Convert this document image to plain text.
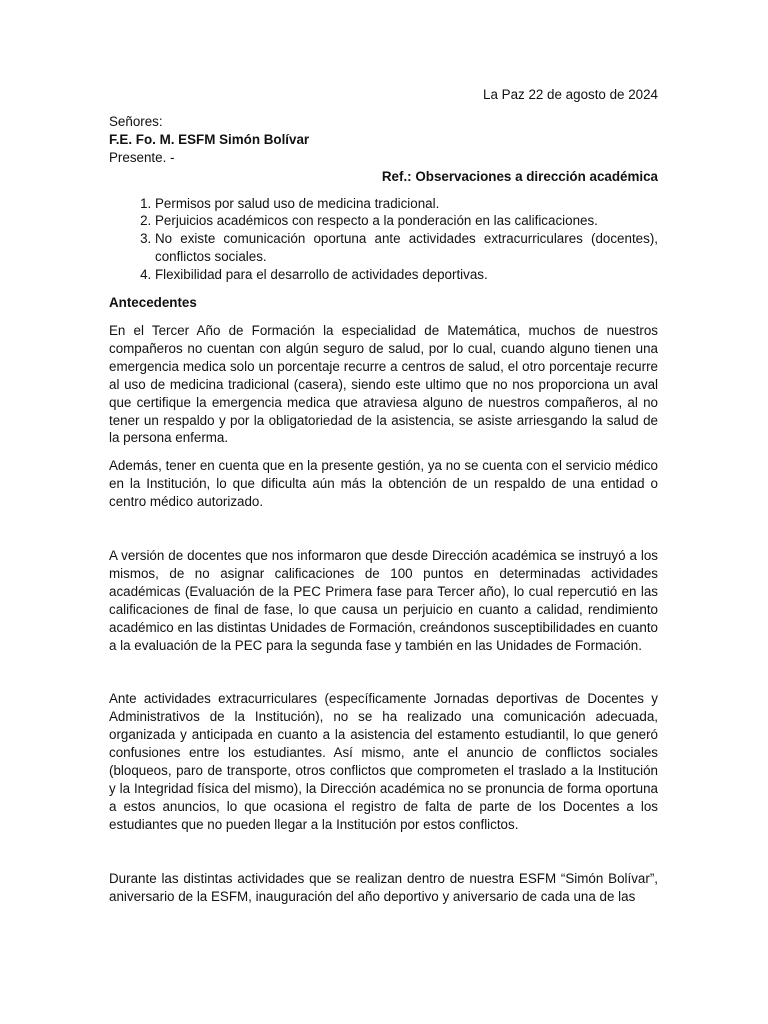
La Paz 22 de agosto de 2024

Señores:
F.E. Fo. M. ESFM Simón Bolívar
Presente. -

Ref.: Observaciones a dirección académica

1. Permisos por salud uso de medicina tradicional.
2. Perjuicios académicos con respecto a la ponderación en las calificaciones.
3. No existe comunicación oportuna ante actividades extracurriculares (docentes), conflictos sociales.
4. Flexibilidad para el desarrollo de actividades deportivas.

Antecedentes

En el Tercer Año de Formación la especialidad de Matemática, muchos de nuestros compañeros no cuentan con algún seguro de salud, por lo cual, cuando alguno tienen una emergencia medica solo un porcentaje recurre a centros de salud, el otro porcentaje recurre al uso de medicina tradicional (casera), siendo este ultimo que no nos proporciona un aval que certifique la emergencia medica que atraviesa alguno de nuestros compañeros, al no tener un respaldo y por la obligatoriedad de la asistencia, se asiste arriesgando la salud de la persona enferma.

Además, tener en cuenta que en la presente gestión, ya no se cuenta con el servicio médico en la Institución, lo que dificulta aún más la obtención de un respaldo de una entidad o centro médico autorizado.

A versión de docentes que nos informaron que desde Dirección académica se instruyó a los mismos, de no asignar calificaciones de 100 puntos en determinadas actividades académicas (Evaluación de la PEC Primera fase para Tercer año), lo cual repercutió en las calificaciones de final de fase, lo que causa un perjuicio en cuanto a calidad, rendimiento académico en las distintas Unidades de Formación, creándonos susceptibilidades en cuanto a la evaluación de la PEC para la segunda fase y también en las Unidades de Formación.

Ante actividades extracurriculares (específicamente Jornadas deportivas de Docentes y Administrativos de la Institución), no se ha realizado una comunicación adecuada, organizada y anticipada en cuanto a la asistencia del estamento estudiantil, lo que generó confusiones entre los estudiantes. Así mismo, ante el anuncio de conflictos sociales (bloqueos, paro de transporte, otros conflictos que comprometen el traslado a la Institución y la Integridad física del mismo), la Dirección académica no se pronuncia de forma oportuna a estos anuncios, lo que ocasiona el registro de falta de parte de los Docentes a los estudiantes que no pueden llegar a la Institución por estos conflictos.

Durante las distintas actividades que se realizan dentro de nuestra ESFM “Simón Bolívar”, aniversario de la ESFM, inauguración del año deportivo y aniversario de cada una de las
